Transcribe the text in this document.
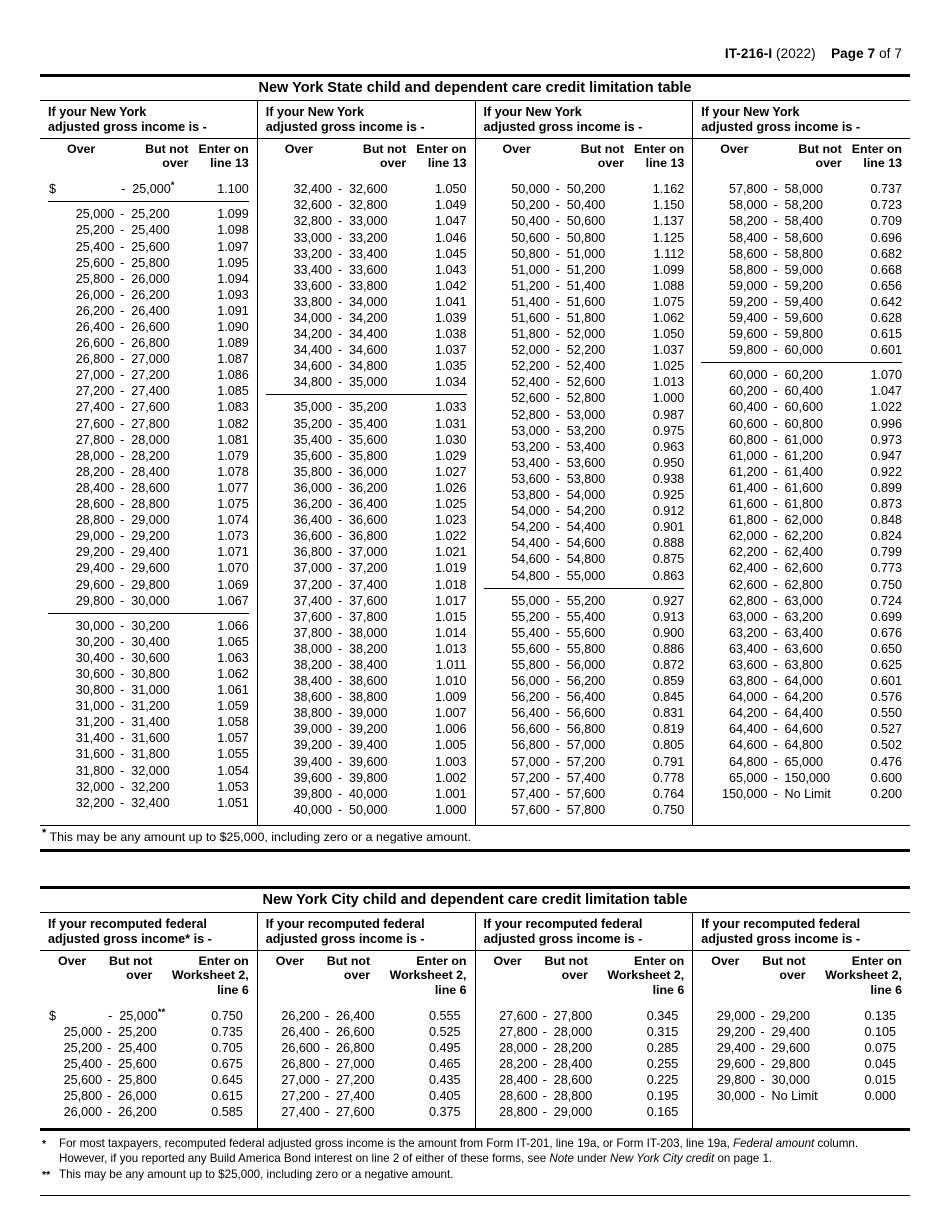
IT-216-I (2022) Page 7 of 7
New York State child and dependent care credit limitation table
If your New York
adjusted gross income is -
Over	But not
over
Enter on
line 13
$	- 25,000*	1.100
25,000 - 25,200	1.099
25,200 - 25,400	1.098
25,400 - 25,600	1.097
25,600 - 25,800	1.095
25,800 - 26,000	1.094
26,000 - 26,200	1.093
26,200 - 26,400	1.091
26,400 - 26,600	1.090
26,600 - 26,800	1.089
26,800 - 27,000	1.087
27,000 - 27,200	1.086
27,200 - 27,400	1.085
27,400 - 27,600	1.083
27,600 - 27,800	1.082
27,800 - 28,000	1.081
28,000 - 28,200	1.079
28,200 - 28,400	1.078
28,400 - 28,600	1.077
28,600 - 28,800	1.075
28,800 - 29,000	1.074
29,000 - 29,200	1.073
29,200 - 29,400	1.071
29,400 - 29,600	1.070
29,600 - 29,800	1.069
29,800 - 30,000	1.067
30,000 - 30,200	1.066
30,200 - 30,400	1.065
30,400 - 30,600	1.063
30,600 - 30,800	1.062
30,800 - 31,000	1.061
31,000 - 31,200	1.059
31,200 - 31,400	1.058
31,400 - 31,600	1.057
31,600 - 31,800	1.055
31,800 - 32,000	1.054
32,000 - 32,200	1.053
32,200 - 32,400	1.051
If your New York
adjusted gross income is -
Over	But not
over
Enter on
line 13
32,400 - 32,600	1.050
32,600 - 32,800	1.049
32,800 - 33,000	1.047
33,000 - 33,200	1.046
33,200 - 33,400	1.045
33,400 - 33,600	1.043
33,600 - 33,800	1.042
33,800 - 34,000	1.041
34,000 - 34,200	1.039
34,200 - 34,400	1.038
34,400 - 34,600	1.037
34,600 - 34,800	1.035
34,800 - 35,000	1.034
35,000 - 35,200	1.033
35,200 - 35,400	1.031
35,400 - 35,600	1.030
35,600 - 35,800	1.029
35,800 - 36,000	1.027
36,000 - 36,200	1.026
36,200 - 36,400	1.025
36,400 - 36,600	1.023
36,600 - 36,800	1.022
36,800 - 37,000	1.021
37,000 - 37,200	1.019
37,200 - 37,400	1.018
37,400 - 37,600	1.017
37,600 - 37,800	1.015
37,800 - 38,000	1.014
38,000 - 38,200	1.013
38,200 - 38,400	1.011
38,400 - 38,600	1.010
38,600 - 38,800	1.009
38,800 - 39,000	1.007
39,000 - 39,200	1.006
39,200 - 39,400	1.005
39,400 - 39,600	1.003
39,600 - 39,800	1.002
39,800 - 40,000	1.001
40,000 - 50,000	1.000
If your New York
adjusted gross income is -
Over	But not
over
Enter on
line 13
50,000 - 50,200	1.162
50,200 - 50,400	1.150
50,400 - 50,600	1.137
50,600 - 50,800	1.125
50,800 - 51,000	1.112
51,000 - 51,200	1.099
51,200 - 51,400	1.088
51,400 - 51,600	1.075
51,600 - 51,800	1.062
51,800 - 52,000	1.050
52,000 - 52,200	1.037
52,200 - 52,400	1.025
52,400 - 52,600	1.013
52,600 - 52,800	1.000
52,800 - 53,000	0.987
53,000 - 53,200	0.975
53,200 - 53,400	0.963
53,400 - 53,600	0.950
53,600 - 53,800	0.938
53,800 - 54,000	0.925
54,000 - 54,200	0.912
54,200 - 54,400	0.901
54,400 - 54,600	0.888
54,600 - 54,800	0.875
54,800 - 55,000	0.863
55,000 - 55,200	0.927
55,200 - 55,400	0.913
55,400 - 55,600	0.900
55,600 - 55,800	0.886
55,800 - 56,000	0.872
56,000 - 56,200	0.859
56,200 - 56,400	0.845
56,400 - 56,600	0.831
56,600 - 56,800	0.819
56,800 - 57,000	0.805
57,000 - 57,200	0.791
57,200 - 57,400	0.778
57,400 - 57,600	0.764
57,600 - 57,800	0.750
If your New York
adjusted gross income is -
Over	But not
over
Enter on
line 13
57,800 - 58,000	0.737
58,000 - 58,200	0.723
58,200 - 58,400	0.709
58,400 - 58,600	0.696
58,600 - 58,800	0.682
58,800 - 59,000	0.668
59,000 - 59,200	0.656
59,200 - 59,400	0.642
59,400 - 59,600	0.628
59,600 - 59,800	0.615
59,800 - 60,000	0.601
60,000 - 60,200	1.070
60,200 - 60,400	1.047
60,400 - 60,600	1.022
60,600 - 60,800	0.996
60,800 - 61,000	0.973
61,000 - 61,200	0.947
61,200 - 61,400	0.922
61,400 - 61,600	0.899
61,600 - 61,800	0.873
61,800 - 62,000	0.848
62,000 - 62,200	0.824
62,200 - 62,400	0.799
62,400 - 62,600	0.773
62,600 - 62,800	0.750
62,800 - 63,000	0.724
63,000 - 63,200	0.699
63,200 - 63,400	0.676
63,400 - 63,600	0.650
63,600 - 63,800	0.625
63,800 - 64,000	0.601
64,000 - 64,200	0.576
64,200 - 64,400	0.550
64,400 - 64,600	0.527
64,600 - 64,800	0.502
64,800 - 65,000	0.476
65,000 - 150,000	0.600
150,000 - No Limit	0.200
* This may be any amount up to $25,000, including zero or a negative amount.
New York City child and dependent care credit limitation table
If your recomputed federal
adjusted gross income* is -
Over	But not
over
Enter on
Worksheet 2,
line 6
$	- 25,000**	0.750
25,000 - 25,200	0.735
25,200 - 25,400	0.705
25,400 - 25,600	0.675
25,600 - 25,800	0.645
25,800 - 26,000	0.615
26,000 - 26,200	0.585
If your recomputed federal
adjusted gross income is -
Over	But not
over
Enter on
Worksheet 2,
line 6
26,200 - 26,400	0.555
26,400 - 26,600	0.525
26,600 - 26,800	0.495
26,800 - 27,000	0.465
27,000 - 27,200	0.435
27,200 - 27,400	0.405
27,400 - 27,600	0.375
If your recomputed federal
adjusted gross income is -
Over	But not
over
Enter on
Worksheet 2,
line 6
27,600 - 27,800	0.345
27,800 - 28,000	0.315
28,000 - 28,200	0.285
28,200 - 28,400	0.255
28,400 - 28,600	0.225
28,600 - 28,800	0.195
28,800 - 29,000	0.165
If your recomputed federal
adjusted gross income is -
Over	But not
over
Enter on
Worksheet 2,
line 6
29,000 - 29,200	0.135
29,200 - 29,400	0.105
29,400 - 29,600	0.075
29,600 - 29,800	0.045
29,800 - 30,000	0.015
30,000 - No Limit	0.000
*	For most taxpayers, recomputed federal adjusted gross income is the amount from Form IT-201, line 19a, or Form IT-203, line 19a, Federal amount column. However, if you reported any Build America Bond interest on line 2 of either of these forms, see Note under New York City credit on page 1.
** This may be any amount up to $25,000, including zero or a negative amount.
